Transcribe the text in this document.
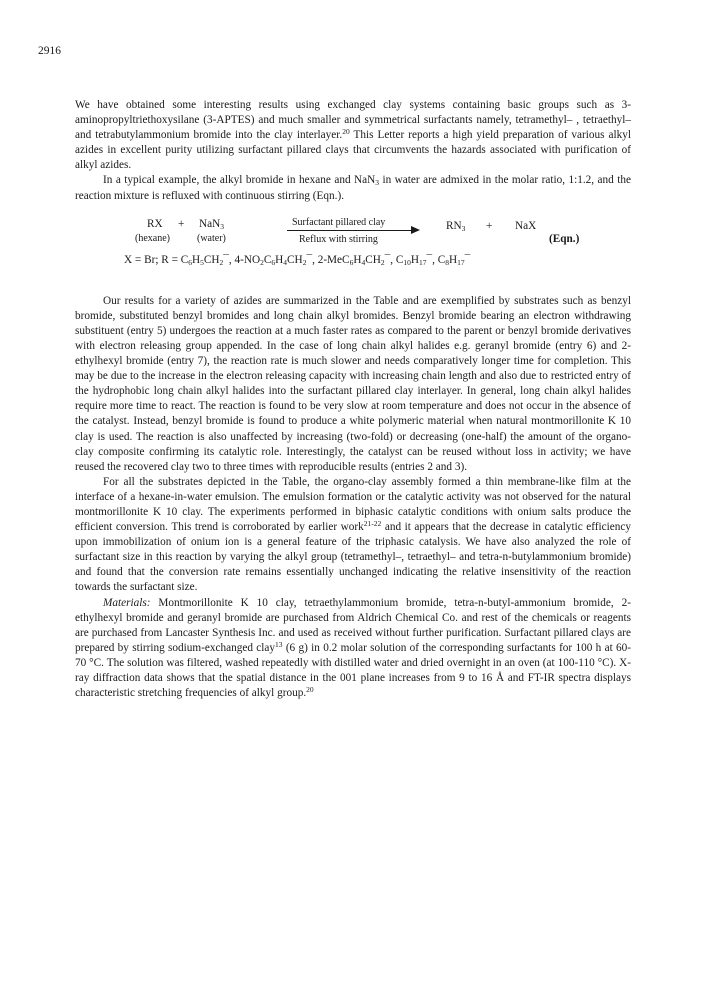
2916

We have obtained some interesting results using exchanged clay systems containing basic groups such as 3-aminopropyltriethoxysilane (3-APTES) and much smaller and symmetrical surfactants namely, tetramethyl– , tetraethyl– and tetrabutylammonium bromide into the clay interlayer.$^{20}$ This Letter reports a high yield preparation of various alkyl azides in excellent purity utilizing surfactant pillared clays that circumvents the hazards associated with purification of alkyl azides.

In a typical example, the alkyl bromide in hexane and NaN$_3$ in water are admixed in the molar ratio, 1:1.2, and the reaction mixture is refluxed with continuous stirring (Eqn.).

RX + NaN$_3$
(hexane)	(water)
Surfactant pillared clay
Reflux with stirring
$RN_3$ + NaX
(Eqn.)
X = Br; $R = C_6H_5CH_2¯$, $4-NO_2C_6H_4CH_2¯$, $2-MeC_6H_4CH_2¯$, $C_{10}H_{17}¯$, $C_8H_{17}¯$

Our results for a variety of azides are summarized in the Table and are exemplified by substrates such as benzyl bromide, substituted benzyl bromides and long chain alkyl bromides. Benzyl bromide bearing an electron withdrawing substituent (entry 5) undergoes the reaction at a much faster rates as compared to the parent or benzyl bromide derivatives with electron releasing group appended. In the case of long chain alkyl halides e.g. geranyl bromide (entry 6) and 2-ethylhexyl bromide (entry 7), the reaction rate is much slower and needs comparatively longer time for completion. This may be due to the increase in the electron releasing capacity with increasing chain length and also due to restricted entry of the hydrophobic long chain alkyl halides into the surfactant pillared clay interlayer. In general, long chain alkyl halides require more time to react. The reaction is found to be very slow at room temperature and does not occur in the absence of the catalyst. Instead, benzyl bromide is found to produce a white polymeric material when natural montmorillonite K 10 clay is used. The reaction is also unaffected by increasing (two-fold) or decreasing (one-half) the amount of the organo-clay composite confirming its catalytic role. Interestingly, the catalyst can be reused without loss in activity; we have reused the recovered clay two to three times with reproducible results (entries 2 and 3).

For all the substrates depicted in the Table, the organo-clay assembly formed a thin membrane-like film at the interface of a hexane-in-water emulsion. The emulsion formation or the catalytic activity was not observed for the natural montmorillonite K 10 clay. The experiments performed in biphasic catalytic conditions with onium salts produce the efficient conversion. This trend is corroborated by earlier work$^{21-22}$ and it appears that the decrease in catalytic efficiency upon immobilization of onium ion is a general feature of the triphasic catalysis. We have also analyzed the role of surfactant size in this reaction by varying the alkyl group (tetramethyl–, tetraethyl– and tetra-n-butylammonium bromide) and found that the conversion rate remains essentially unchanged indicating the relative insensitivity of the reaction towards the surfactant size.

Materials: Montmorillonite K 10 clay, tetraethylammonium bromide, tetra-n-butyl-ammonium bromide, 2-ethylhexyl bromide and geranyl bromide are purchased from Aldrich Chemical Co. and rest of the chemicals or reagents are purchased from Lancaster Synthesis Inc. and used as received without further purification. Surfactant pillared clays are prepared by stirring sodium-exchanged clay$^{13}$ (6 g) in 0.2 molar solution of the corresponding surfactants for 100 h at 60-70 °C. The solution was filtered, washed repeatedly with distilled water and dried overnight in an oven (at 100-110 °C). X-ray diffraction data shows that the spatial distance in the 001 plane increases from 9 to 16 Å and FT-IR spectra displays characteristic stretching frequencies of alkyl group.$^{20}$
